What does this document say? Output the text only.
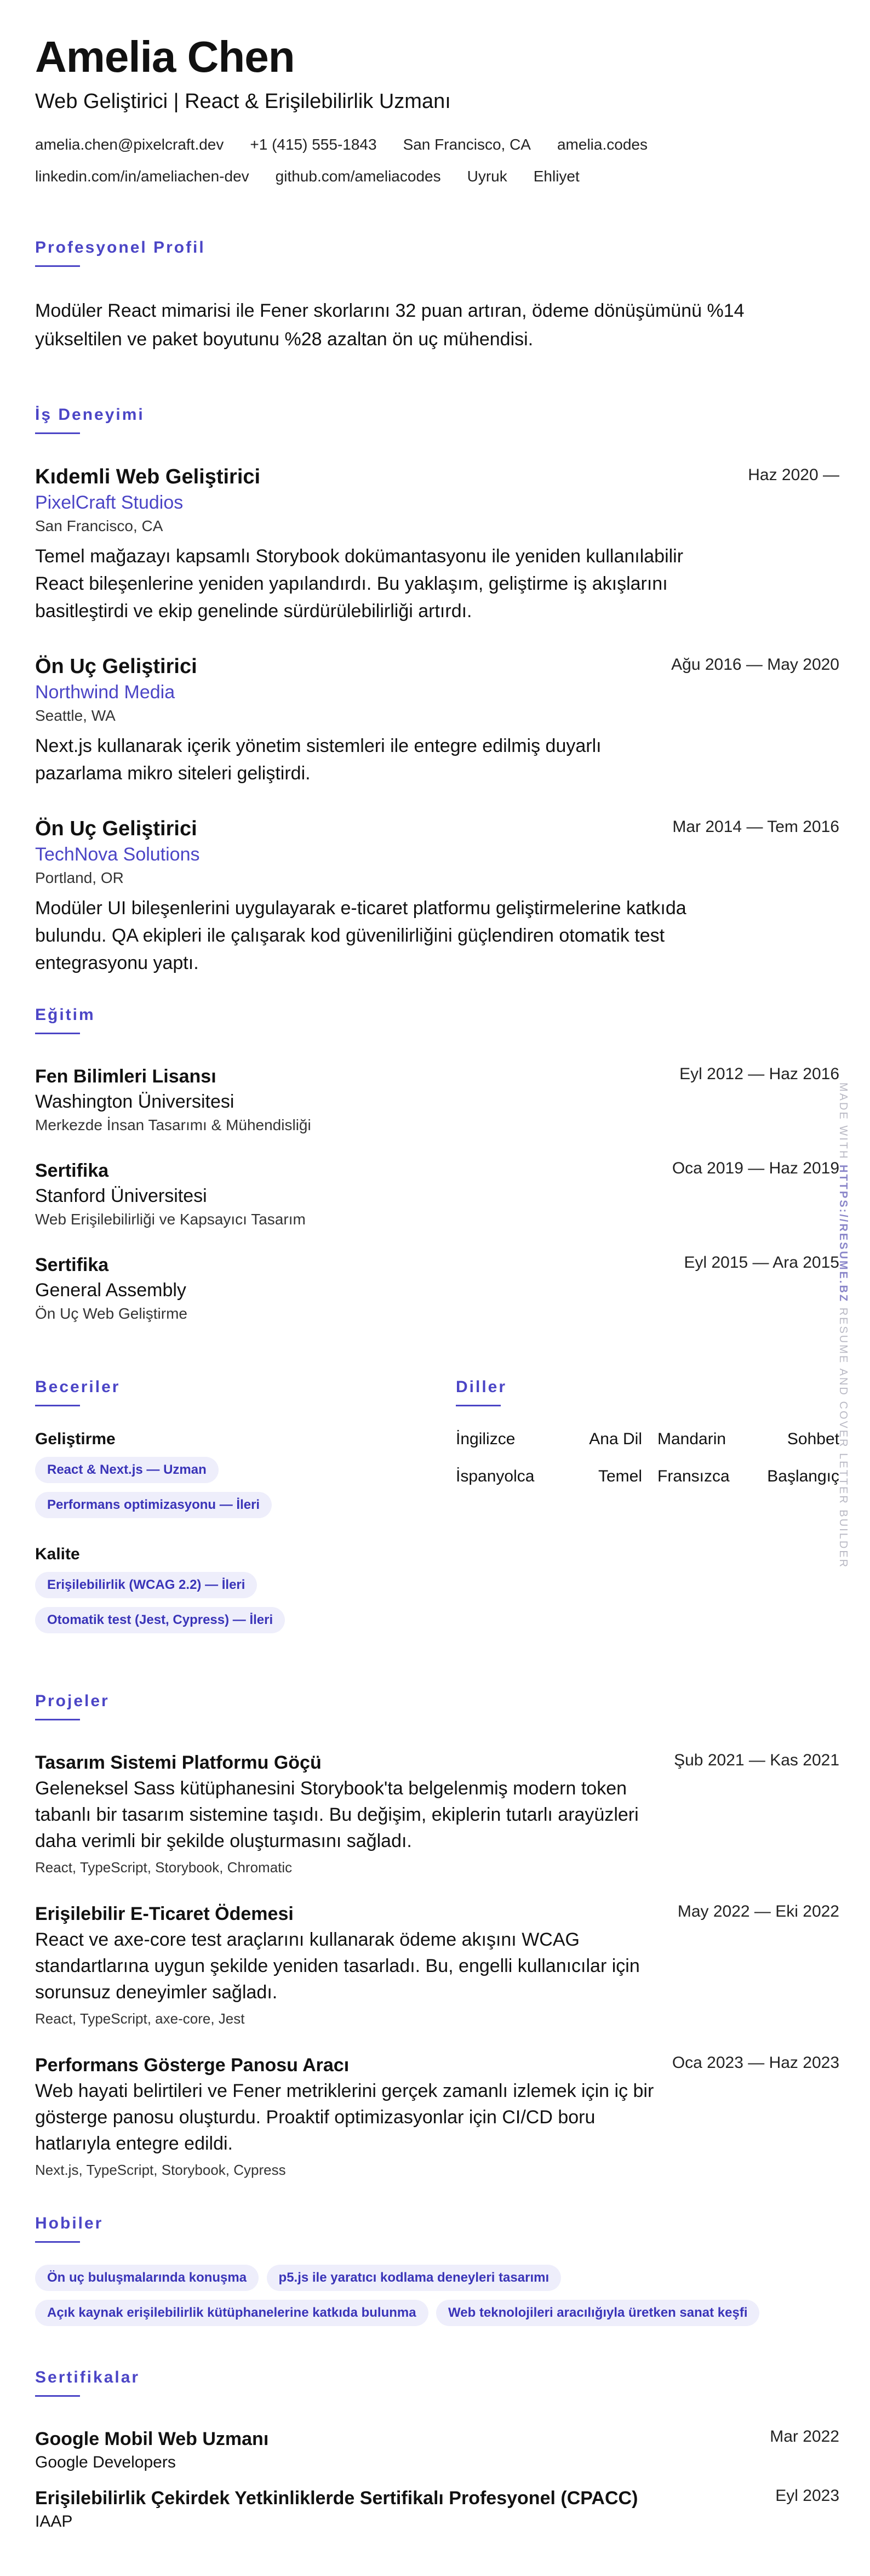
Amelia Chen
Web Geliştirici | React & Erişilebilirlik Uzmanı
amelia.chen@pixelcraft.dev +1 (415) 555-1843 San Francisco, CA amelia.codes
linkedin.com/in/ameliachen-dev github.com/ameliacodes Uyruk Ehliyet
Profesyonel Profil
Modüler React mimarisi ile Fener skorlarını 32 puan artıran, ödeme dönüşümünü %14 yükseltilen ve paket boyutunu %28 azaltan ön uç mühendisi.
İş Deneyimi
Haz 2020 —
Kıdemli Web Geliştirici
PixelCraft Studios
San Francisco, CA
Temel mağazayı kapsamlı Storybook dokümantasyonu ile yeniden kullanılabilir React bileşenlerine yeniden yapılandırdı. Bu yaklaşım, geliştirme iş akışlarını basitleştirdi ve ekip genelinde sürdürülebilirliği artırdı.
Ağu 2016 — May 2020
Ön Uç Geliştirici
Northwind Media
Seattle, WA
Next.js kullanarak içerik yönetim sistemleri ile entegre edilmiş duyarlı pazarlama mikro siteleri geliştirdi.
Mar 2014 — Tem 2016
Ön Uç Geliştirici
TechNova Solutions
Portland, OR
Modüler UI bileşenlerini uygulayarak e-ticaret platformu geliştirmelerine katkıda bulundu. QA ekipleri ile çalışarak kod güvenilirliğini güçlendiren otomatik test entegrasyonu yaptı.
Eğitim
Eyl 2012 — Haz 2016
Fen Bilimleri Lisansı
Washington Üniversitesi
Merkezde İnsan Tasarımı & Mühendisliği
Oca 2019 — Haz 2019
Sertifika
Stanford Üniversitesi
Web Erişilebilirliği ve Kapsayıcı Tasarım
Eyl 2015 — Ara 2015
Sertifika
General Assembly
Ön Uç Web Geliştirme
Beceriler
Geliştirme
React & Next.js — Uzman
Performans optimizasyonu — İleri
Kalite
Erişilebilirlik (WCAG 2.2) — İleri
Otomatik test (Jest, Cypress) — İleri
Diller
İngilizce	Ana Dil Mandarin	Sohbet
İspanyolca	Temel Fransızca	Başlangıç
Projeler
Şub 2021 — Kas 2021
Tasarım Sistemi Platformu Göçü
Geleneksel Sass kütüphanesini Storybook'ta belgelenmiş modern token tabanlı bir tasarım sistemine taşıdı. Bu değişim, ekiplerin tutarlı arayüzleri daha verimli bir şekilde oluşturmasını sağladı.
React, TypeScript, Storybook, Chromatic
May 2022 — Eki 2022
Erişilebilir E-Ticaret Ödemesi
React ve axe-core test araçlarını kullanarak ödeme akışını WCAG standartlarına uygun şekilde yeniden tasarladı. Bu, engelli kullanıcılar için sorunsuz deneyimler sağladı.
React, TypeScript, axe-core, Jest
Oca 2023 — Haz 2023
Performans Gösterge Panosu Aracı
Web hayati belirtileri ve Fener metriklerini gerçek zamanlı izlemek için iç bir gösterge panosu oluşturdu. Proaktif optimizasyonlar için CI/CD boru hatlarıyla entegre edildi.
Next.js, TypeScript, Storybook, Cypress
Hobiler
Ön uç buluşmalarında konuşma p5.js ile yaratıcı kodlama deneyleri tasarımı
Açık kaynak erişilebilirlik kütüphanelerine katkıda bulunma Web teknolojileri aracılığıyla üretken sanat keşfi
Sertifikalar
Mar 2022
Google Mobil Web Uzmanı
Google Developers
Eyl 2023
Erişilebilirlik Çekirdek Yetkinliklerde Sertifikalı Profesyonel (CPACC)
IAAP
MADE WITH HTTPS://RESUME.BZ RESUME AND COVER LETTER BUILDER
